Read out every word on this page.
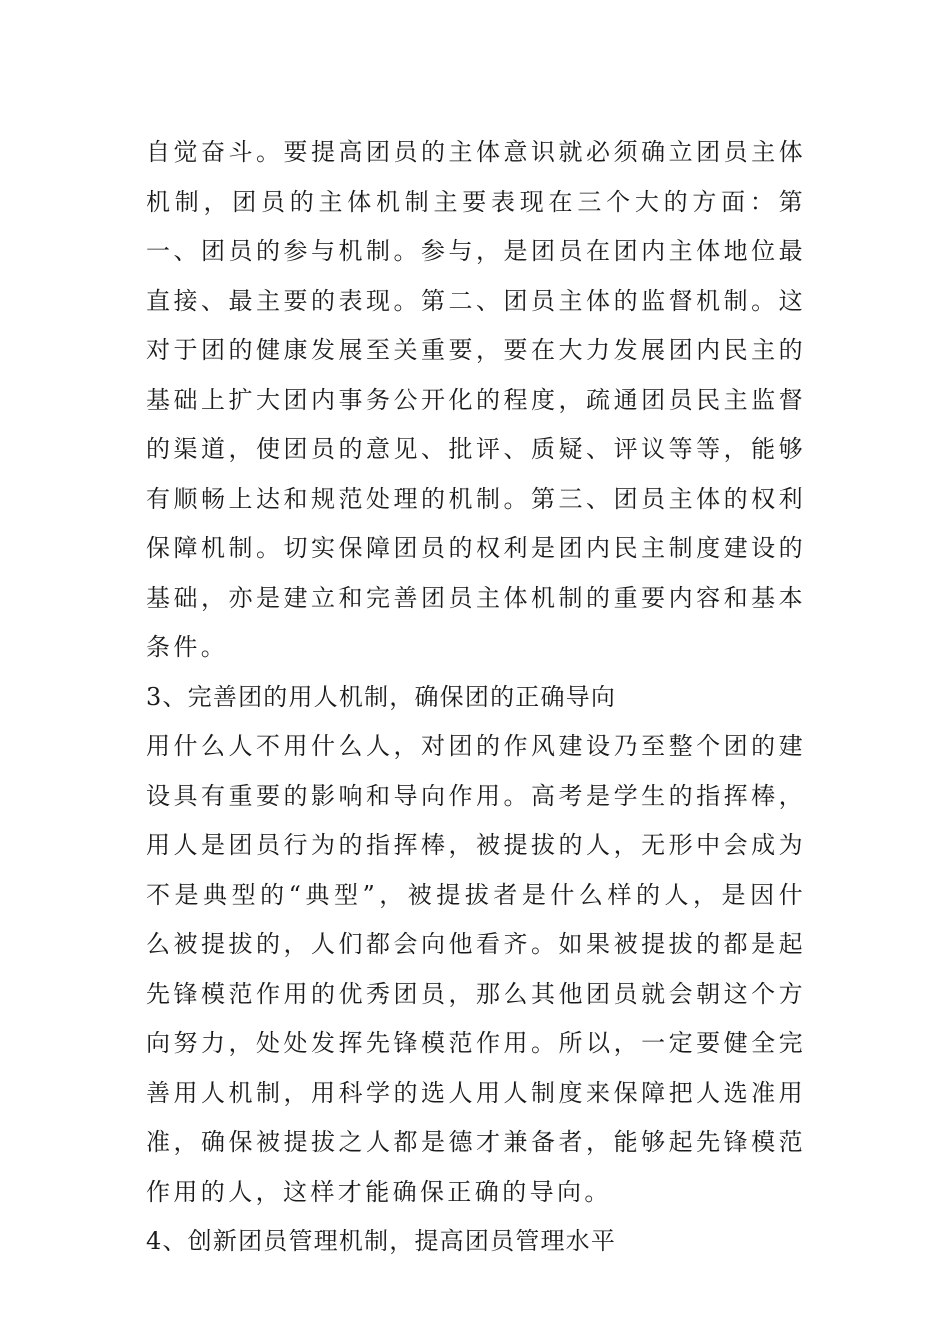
自觉奋斗。要提高团员的主体意识就必须确立团员主体机制，团员的主体机制主要表现在三个大的方面：第一、团员的参与机制。参与，是团员在团内主体地位最直接、最主要的表现。第二、团员主体的监督机制。这对于团的健康发展至关重要，要在大力发展团内民主的基础上扩大团内事务公开化的程度，疏通团员民主监督的渠道，使团员的意见、批评、质疑、评议等等，能够有顺畅上达和规范处理的机制。第三、团员主体的权利保障机制。切实保障团员的权利是团内民主制度建设的基础，亦是建立和完善团员主体机制的重要内容和基本条件。

3、完善团的用人机制，确保团的正确导向

用什么人不用什么人，对团的作风建设乃至整个团的建设具有重要的影响和导向作用。高考是学生的指挥棒，用人是团员行为的指挥棒，被提拔的人，无形中会成为不是典型的“典型”，被提拔者是什么样的人，是因什么被提拔的，人们都会向他看齐。如果被提拔的都是起先锋模范作用的优秀团员，那么其他团员就会朝这个方向努力，处处发挥先锋模范作用。所以，一定要健全完善用人机制，用科学的选人用人制度来保障把人选准用准，确保被提拔之人都是德才兼备者，能够起先锋模范作用的人，这样才能确保正确的导向。

4、创新团员管理机制，提高团员管理水平
